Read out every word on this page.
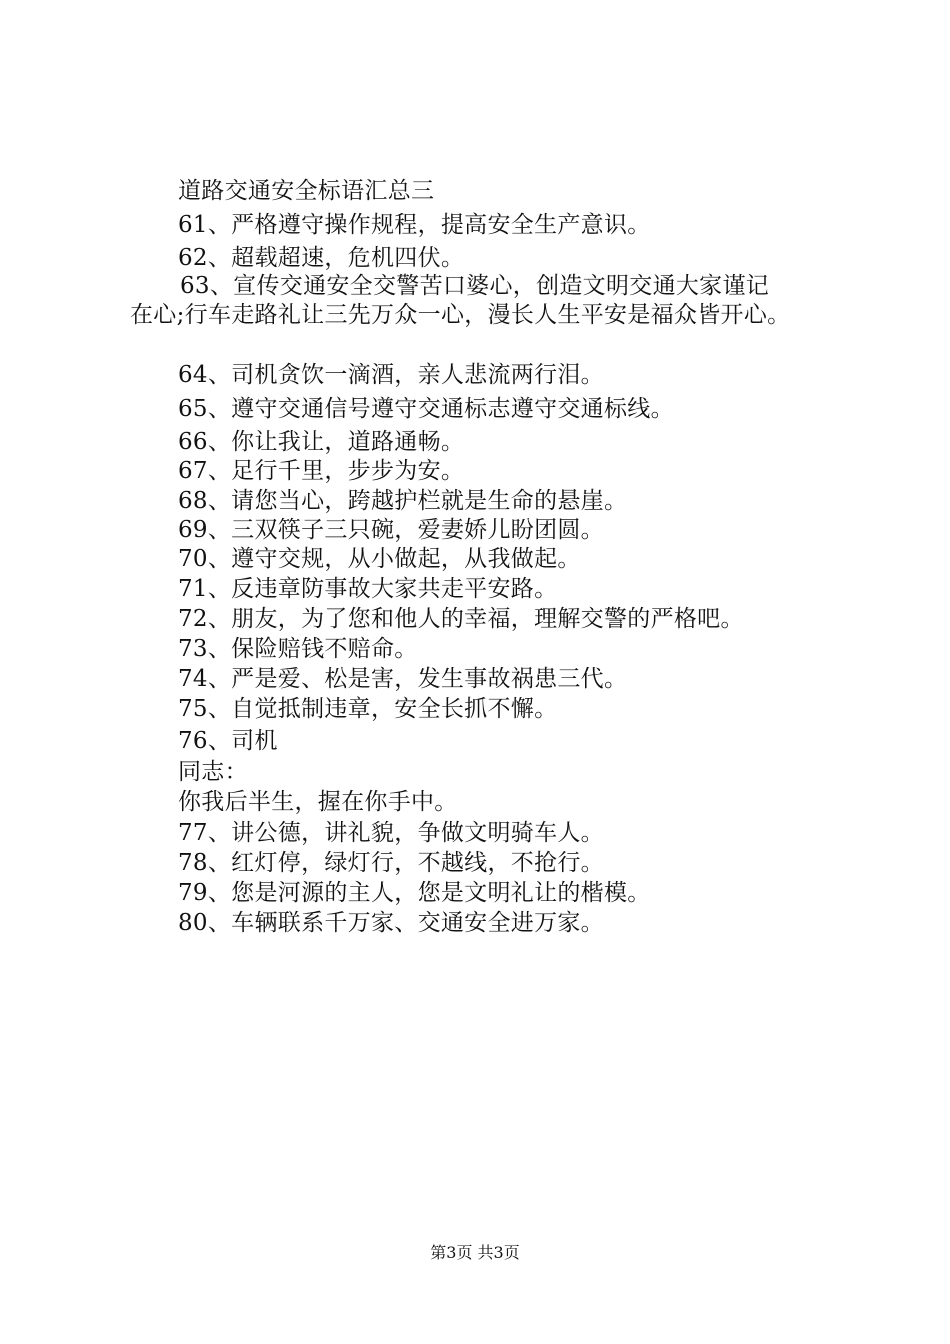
道路交通安全标语汇总三
61、严格遵守操作规程，提高安全生产意识。
62、超载超速，危机四伏。
63、宣传交通安全交警苦口婆心，创造文明交通大家谨记
在心;行车走路礼让三先万众一心，漫长人生平安是福众皆开心。
64、司机贪饮一滴酒，亲人悲流两行泪。
65、遵守交通信号遵守交通标志遵守交通标线。
66、你让我让，道路通畅。
67、足行千里，步步为安。
68、请您当心，跨越护栏就是生命的悬崖。
69、三双筷子三只碗，爱妻娇儿盼团圆。
70、遵守交规，从小做起，从我做起。
71、反违章防事故大家共走平安路。
72、朋友，为了您和他人的幸福，理解交警的严格吧。
73、保险赔钱不赔命。
74、严是爱、松是害，发生事故祸患三代。
75、自觉抵制违章，安全长抓不懈。
76、司机
同志：
你我后半生，握在你手中。
77、讲公德，讲礼貌，争做文明骑车人。
78、红灯停，绿灯行，不越线，不抢行。
79、您是河源的主人，您是文明礼让的楷模。
80、车辆联系千万家、交通安全进万家。
第3页 共3页
